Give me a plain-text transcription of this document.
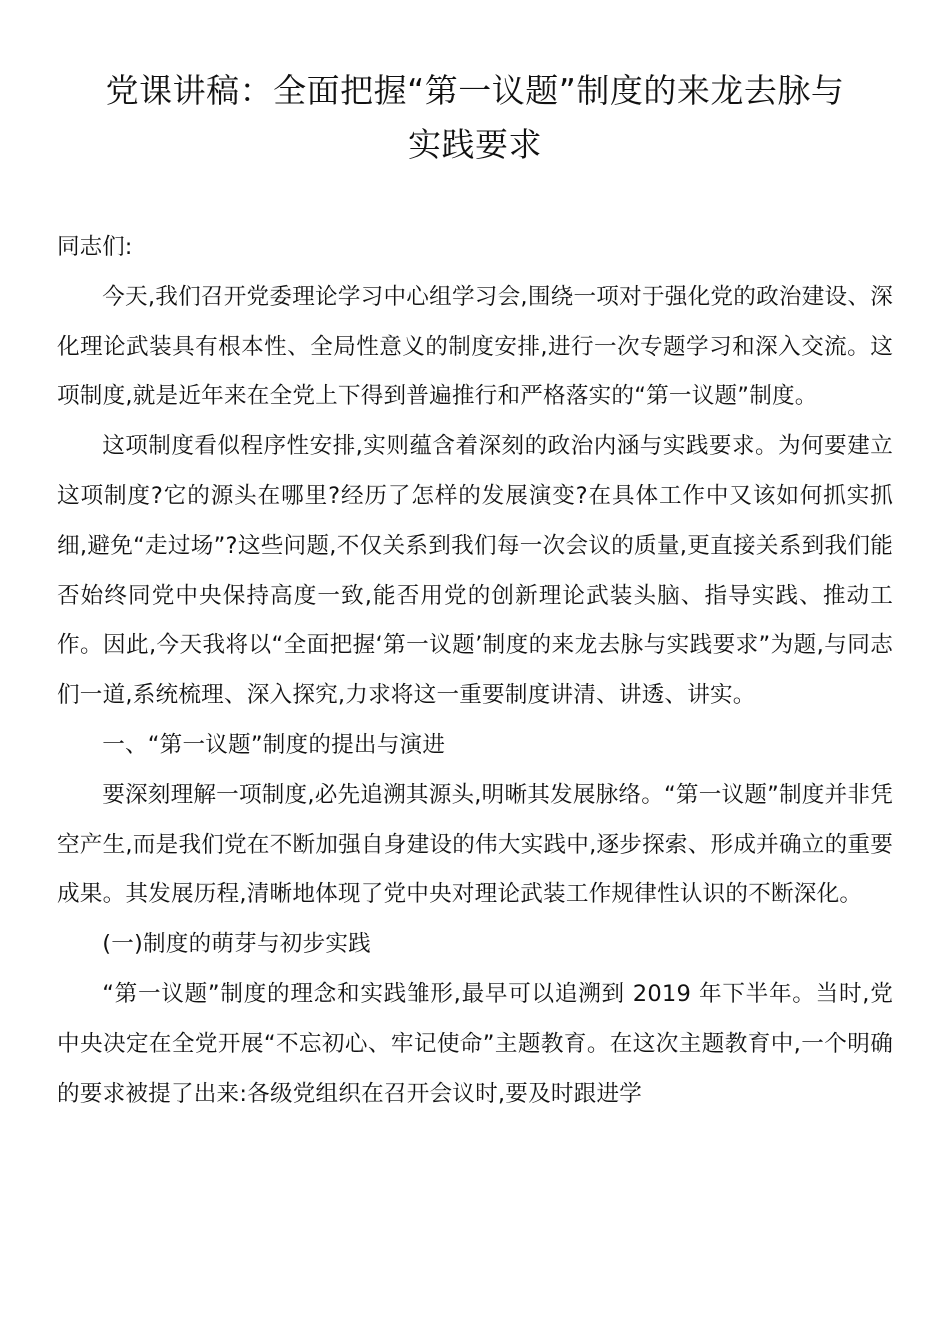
党课讲稿：全面把握“第一议题”制度的来龙去脉与
实践要求

同志们:

今天,我们召开党委理论学习中心组学习会,围绕一项对于强化党的政治建设、深化理论武装具有根本性、全局性意义的制度安排,进行一次专题学习和深入交流。这项制度,就是近年来在全党上下得到普遍推行和严格落实的“第一议题”制度。

这项制度看似程序性安排,实则蕴含着深刻的政治内涵与实践要求。为何要建立这项制度?它的源头在哪里?经历了怎样的发展演变?在具体工作中又该如何抓实抓细,避免“走过场”?这些问题,不仅关系到我们每一次会议的质量,更直接关系到我们能否始终同党中央保持高度一致,能否用党的创新理论武装头脑、指导实践、推动工作。因此,今天我将以“全面把握‘第一议题’制度的来龙去脉与实践要求”为题,与同志们一道,系统梳理、深入探究,力求将这一重要制度讲清、讲透、讲实。

一、“第一议题”制度的提出与演进

要深刻理解一项制度,必先追溯其源头,明晰其发展脉络。“第一议题”制度并非凭空产生,而是我们党在不断加强自身建设的伟大实践中,逐步探索、形成并确立的重要成果。其发展历程,清晰地体现了党中央对理论武装工作规律性认识的不断深化。

(一)制度的萌芽与初步实践

“第一议题”制度的理念和实践雏形,最早可以追溯到 2019 年下半年。当时,党中央决定在全党开展“不忘初心、牢记使命”主题教育。在这次主题教育中,一个明确的要求被提了出来:各级党组织在召开会议时,要及时跟进学
